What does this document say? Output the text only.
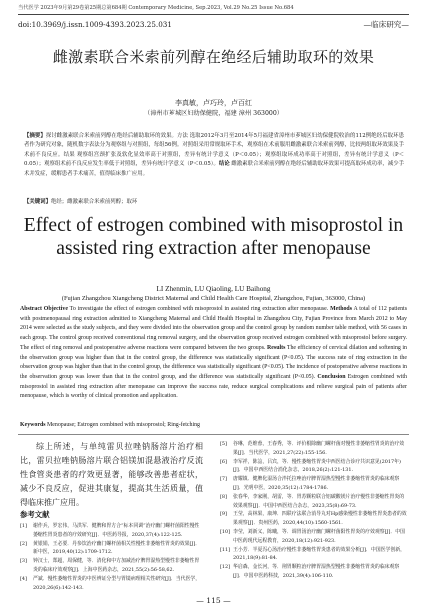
当代医学 2023年9月第29卷第25期总第684期 Contemporary Medicine, Sep.2023, Vol.29 No.25 Issue No.684
doi:10.3969/j.issn.1009-4393.2023.25.031	—临床研究—
雌激素联合米索前列醇在绝经后辅助取环的效果
李真敏，卢巧玲，卢百红
（漳州市芗城区妇幼保健院，福建 漳州 363000）
【摘要】探讨雌激素联合米索前列醇在绝经后辅助取环的效果。方法 选取2012年3月至2014年5月福建省漳州市芗城区妇幼保健院收治的112例绝经后取环患者作为研究对象，随机数字表法分为观察组与对照组，每组56例。对照组采用常规取环手术，观察组在术前服用雌激素联合米索前列醇，比较两组取环效果及手术前不良反应。结果 观察组宫颈扩张及软化显效率高于对照组，差异有统计学意义（P＜0.05）；观察组取环成功率高于对照组，差异有统计学意义（P＜0.05）；观察组术前不良反应发生率低于对照组，差异有统计学意义（P＜0.05）。结论 雌激素联合米索前列醇在绝经后辅助取环效果可提高取环成功率，减少手术并发症，缓解患者手术痛苦，值得临床推广应用。
【关键词】绝经；雌激素联合米索前列醇；取环
Effect of estrogen combined with misoprostol in assisted ring extraction after menopause
LI Zhenmin, LU Qiaoling, LU Baihong
(Fujian Zhangzhou Xiangcheng District Maternal and Child Health Care Hospital, Zhangzhou, Fujian, 363000, China)
Abstract Objective To investigate the effect of estrogen combined with misoprostol in assisted ring extraction after menopause. Methods A total of 112 patients with postmenopausal ring extraction admitted to Xiangcheng Maternal and Child Health Hospital in Zhangzhou City, Fujian Province from March 2012 to May 2014 were selected as the study subjects, and they were divided into the observation group and the control group by random number table method, with 56 cases in each group. The control group received conventional ring removal surgery, and the observation group received estrogen combined with misoprostol before surgery. The effect of ring removal and postoperative adverse reactions were compared between the two groups. Results The efficiency of cervical dilation and softening in the observation group was higher than that in the control group, the difference was statistically significant (P<0.05). The success rate of ring extraction in the observation group was higher than that in the control group, the difference was statistically significant (P<0.05). The incidence of postoperative adverse reactions in the observation group was lower than that in the control group, and the difference was statistically significant (P<0.05). Conclusion Estrogen combined with misoprostol in assisted ring extraction after menopause can improve the success rate, reduce surgical complications and relieve surgical pain of patients after menopause, which is worthy of clinical promotion and application.
Keywords Menopause; Estrogen combined with misoprostol; Ring-fetching
综上所述，与单纯雷贝拉唑钠肠溶片治疗相比，雷贝拉唑钠肠溶片联合铝镁加混悬液治疗反流性食管炎患者的疗效更显著，能够改善患者症状，减少不良反应，促进其康复，提高其生活质量，值得临床推广应用。
参考文献
[1]	谢作兵，罗宏伟，马洪军．健脾和胃方合“标本同调”治疗幽门螺杆菌阳性慢性萎缩性胃炎患者的疗效研究[J]．中医药导报，2020,37(4):122-125.
[2]	黄银娟，王必要．丹参饮治疗幽门螺杆菌相关性慢性非萎缩性胃炎的效果[J]．新中医，2019,40(12):1709-1712.
[3]	钟汉士，郑超，周保健，等．清化和中方加减治疗脾胃湿热型慢性非萎缩性胃炎的临床疗效观察[J]．上海中医药杂志，2021,55(2):56-58,62.
[4]	严斌．慢性萎缩性胃炎的中医辨证分型与胃镜病理相关性研究[J]．当代医学，2020,26(6):142-143.
[5]	谷琳，范维蓉，王春秀，等．评价根除幽门螺杆菌对慢性非萎缩性胃炎的治疗效果[J]．当代医学，2021,27(22):155-156.
[6]	李军祥，陈誩，吕宾，等．慢性萎缩性胃炎中西医结合诊疗共识意见(2017年)[J]．中国中西医结合消化杂志，2018,26(2):121-131.
[7]	唐耀镇．健脾化湿汤合泮托拉唑治疗脾胃湿热型慢性非萎缩性胃炎的临床观察[J]．光明中医，2020,35(12):1784-1786.
[8]	张春华，李家刚，胡雷，等．胃苏颗粒联合铝碳酸镁片治疗慢性非萎缩性胃炎的效果观察[J]．中国中西医结合杂志，2023,35(8):69-73.
[9]	王莹，高林果，康坤．四联疗法联合消导丸对Hp感染慢性非萎缩性胃炎患者的效果观察[J]．贵州医药，2020,44(10):1560-1561.
[10] 李莹，刘新义，陈曦，等．调胃汤治疗幽门螺杆菌阳性胃炎的疗效观察[J]．中国中医药现代远程教育，2020,18(12):921-923.
[11] 王小芳．半夏泻心汤治疗慢性非萎缩性胃炎患者的效果分析[J]．中国医学创新，2021,18(9):81-84.
[12] 华启森，金长河，等．荆胃颗粒治疗脾胃湿热型慢性非萎缩性胃炎的临床观察[J]．中国中医药科技，2021,39(4):106-110.
— 115 —
